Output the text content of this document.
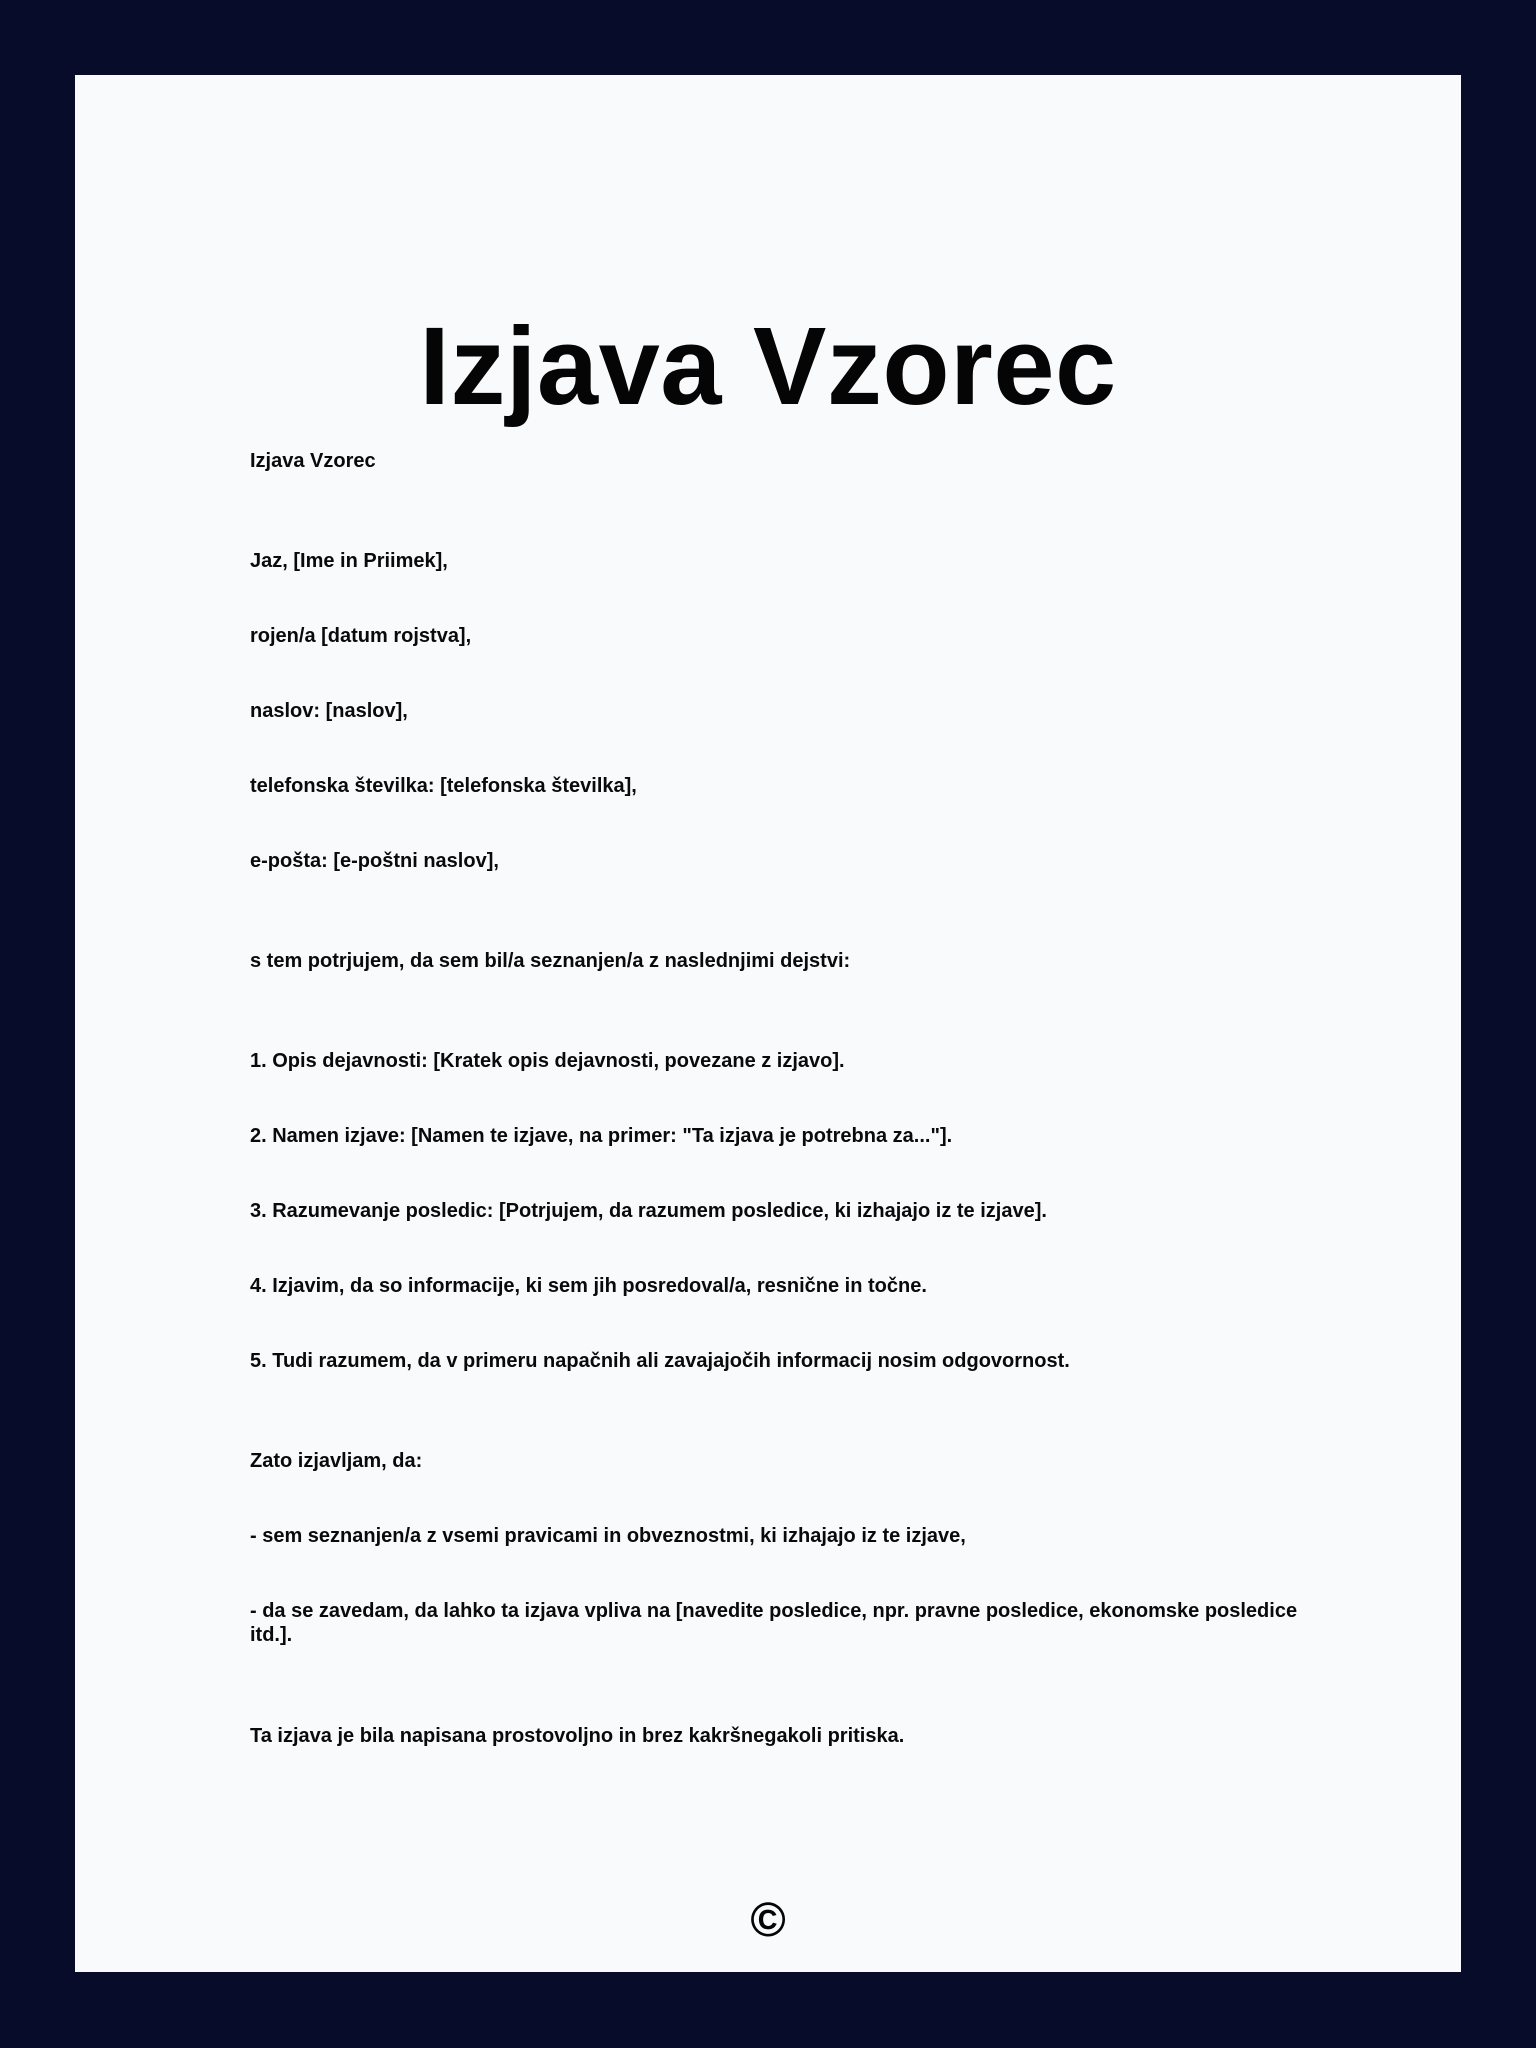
Izjava Vzorec

Izjava Vzorec

Jaz, [Ime in Priimek],

rojen/a [datum rojstva],

naslov: [naslov],

telefonska številka: [telefonska številka],

e-pošta: [e-poštni naslov],

s tem potrjujem, da sem bil/a seznanjen/a z naslednjimi dejstvi:

1. Opis dejavnosti: [Kratek opis dejavnosti, povezane z izjavo].

2. Namen izjave: [Namen te izjave, na primer: "Ta izjava je potrebna za..."].

3. Razumevanje posledic: [Potrjujem, da razumem posledice, ki izhajajo iz te izjave].

4. Izjavim, da so informacije, ki sem jih posredoval/a, resnične in točne.

5. Tudi razumem, da v primeru napačnih ali zavajajočih informacij nosim odgovornost.

Zato izjavljam, da:

- sem seznanjen/a z vsemi pravicami in obveznostmi, ki izhajajo iz te izjave,

- da se zavedam, da lahko ta izjava vpliva na [navedite posledice, npr. pravne posledice, ekonomske posledice itd.].

Ta izjava je bila napisana prostovoljno in brez kakršnegakoli pritiska.

©
